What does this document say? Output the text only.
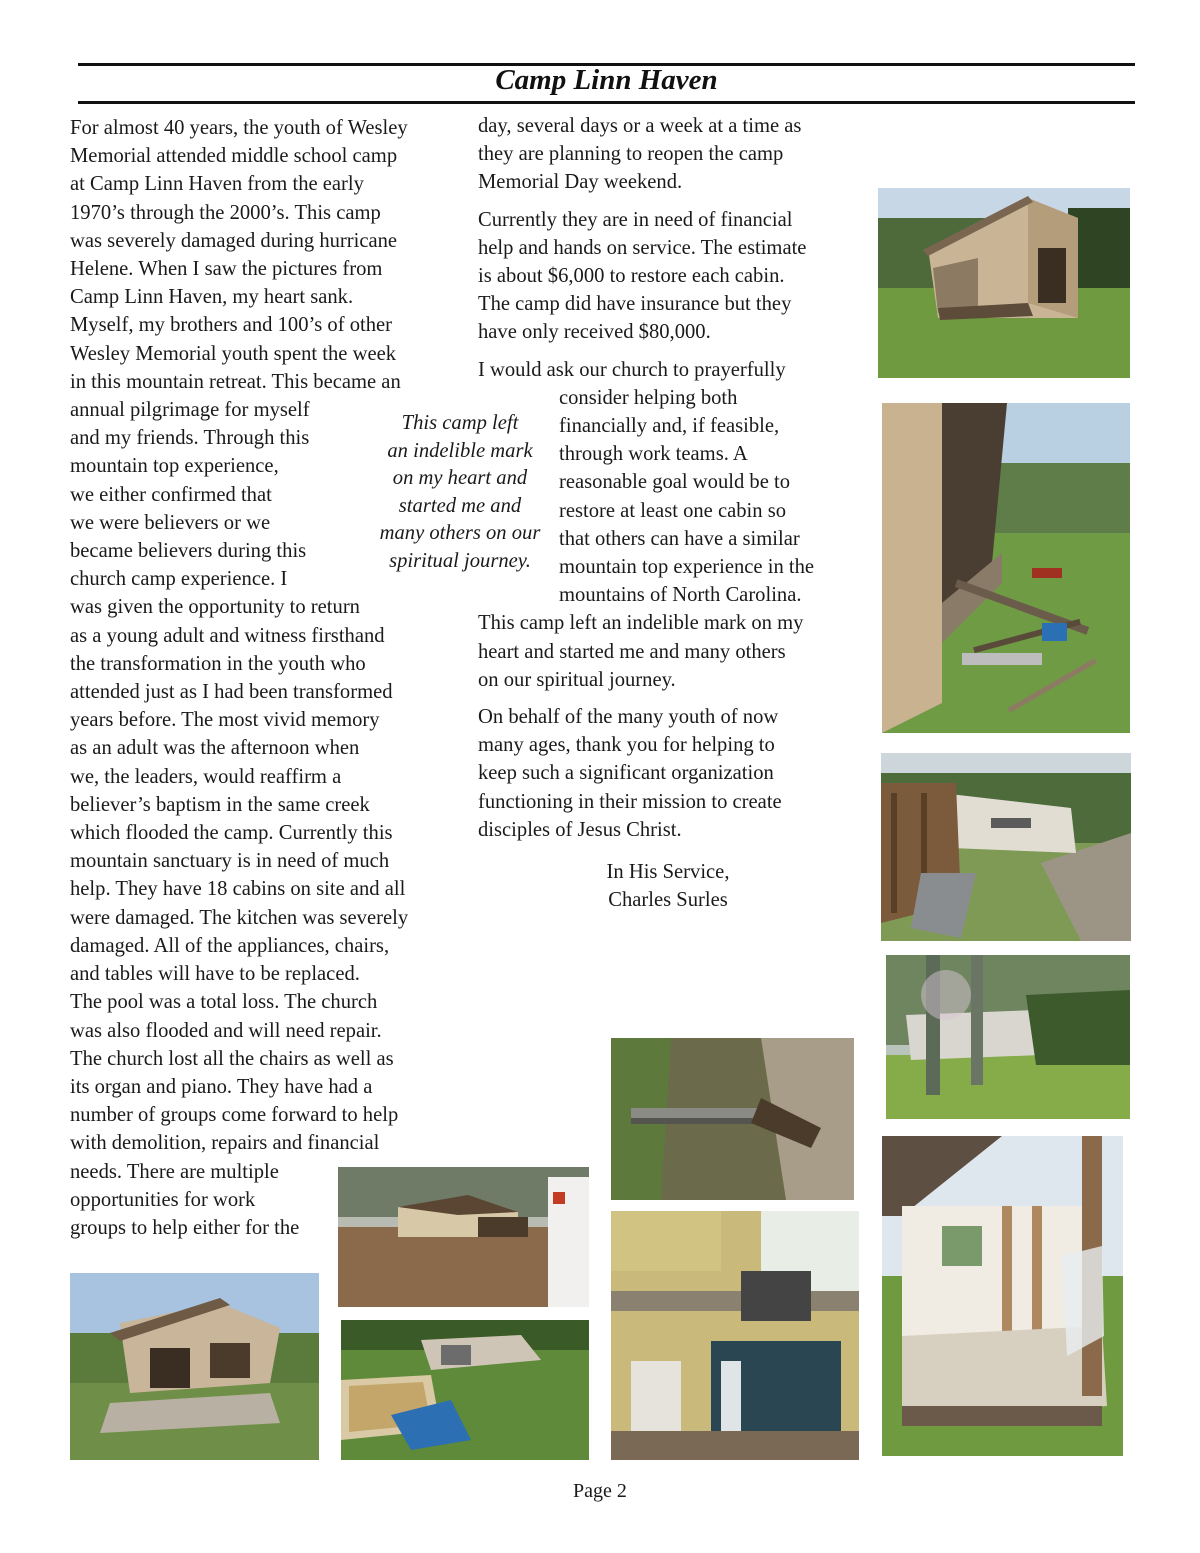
Camp Linn Haven
For almost 40 years, the youth of Wesley
Memorial attended middle school camp
at Camp Linn Haven from the early
1970’s through the 2000’s. This camp
was severely damaged during hurricane
Helene. When I saw the pictures from
Camp Linn Haven, my heart sank.
Myself, my brothers and 100’s of other
Wesley Memorial youth spent the week
in this mountain retreat. This became an
annual pilgrimage for myself
and my friends. Through this
mountain top experience,
we either confirmed that
we were believers or we
became believers during this
church camp experience. I
was given the opportunity to return
as a young adult and witness firsthand
the transformation in the youth who
attended just as I had been transformed
years before. The most vivid memory
as an adult was the afternoon when
we, the leaders, would reaffirm a
believer’s baptism in the same creek
which flooded the camp. Currently this
mountain sanctuary is in need of much
help. They have 18 cabins on site and all
were damaged. The kitchen was severely
damaged. All of the appliances, chairs,
and tables will have to be replaced.
The pool was a total loss. The church
was also flooded and will need repair.
The church lost all the chairs as well as
its organ and piano. They have had a
number of groups come forward to help
with demolition, repairs and financial
needs. There are multiple
opportunities for work
groups to help either for the
This camp left
an indelible mark
on my heart and
started me and
many others on our
spiritual journey.
day, several days or a week at a time as
they are planning to reopen the camp
Memorial Day weekend.
Currently they are in need of financial
help and hands on service. The estimate
is about $6,000 to restore each cabin.
The camp did have insurance but they
have only received $80,000.
I would ask our church to prayerfully
consider helping both
financially and, if feasible,
through work teams. A
reasonable goal would be to
restore at least one cabin so
that others can have a similar
mountain top experience in the
mountains of North Carolina.
This camp left an indelible mark on my
heart and started me and many others
on our spiritual journey.
On behalf of the many youth of now
many ages, thank you for helping to
keep such a significant organization
functioning in their mission to create
disciples of Jesus Christ.
In His Service,
Charles Surles
Page 2
